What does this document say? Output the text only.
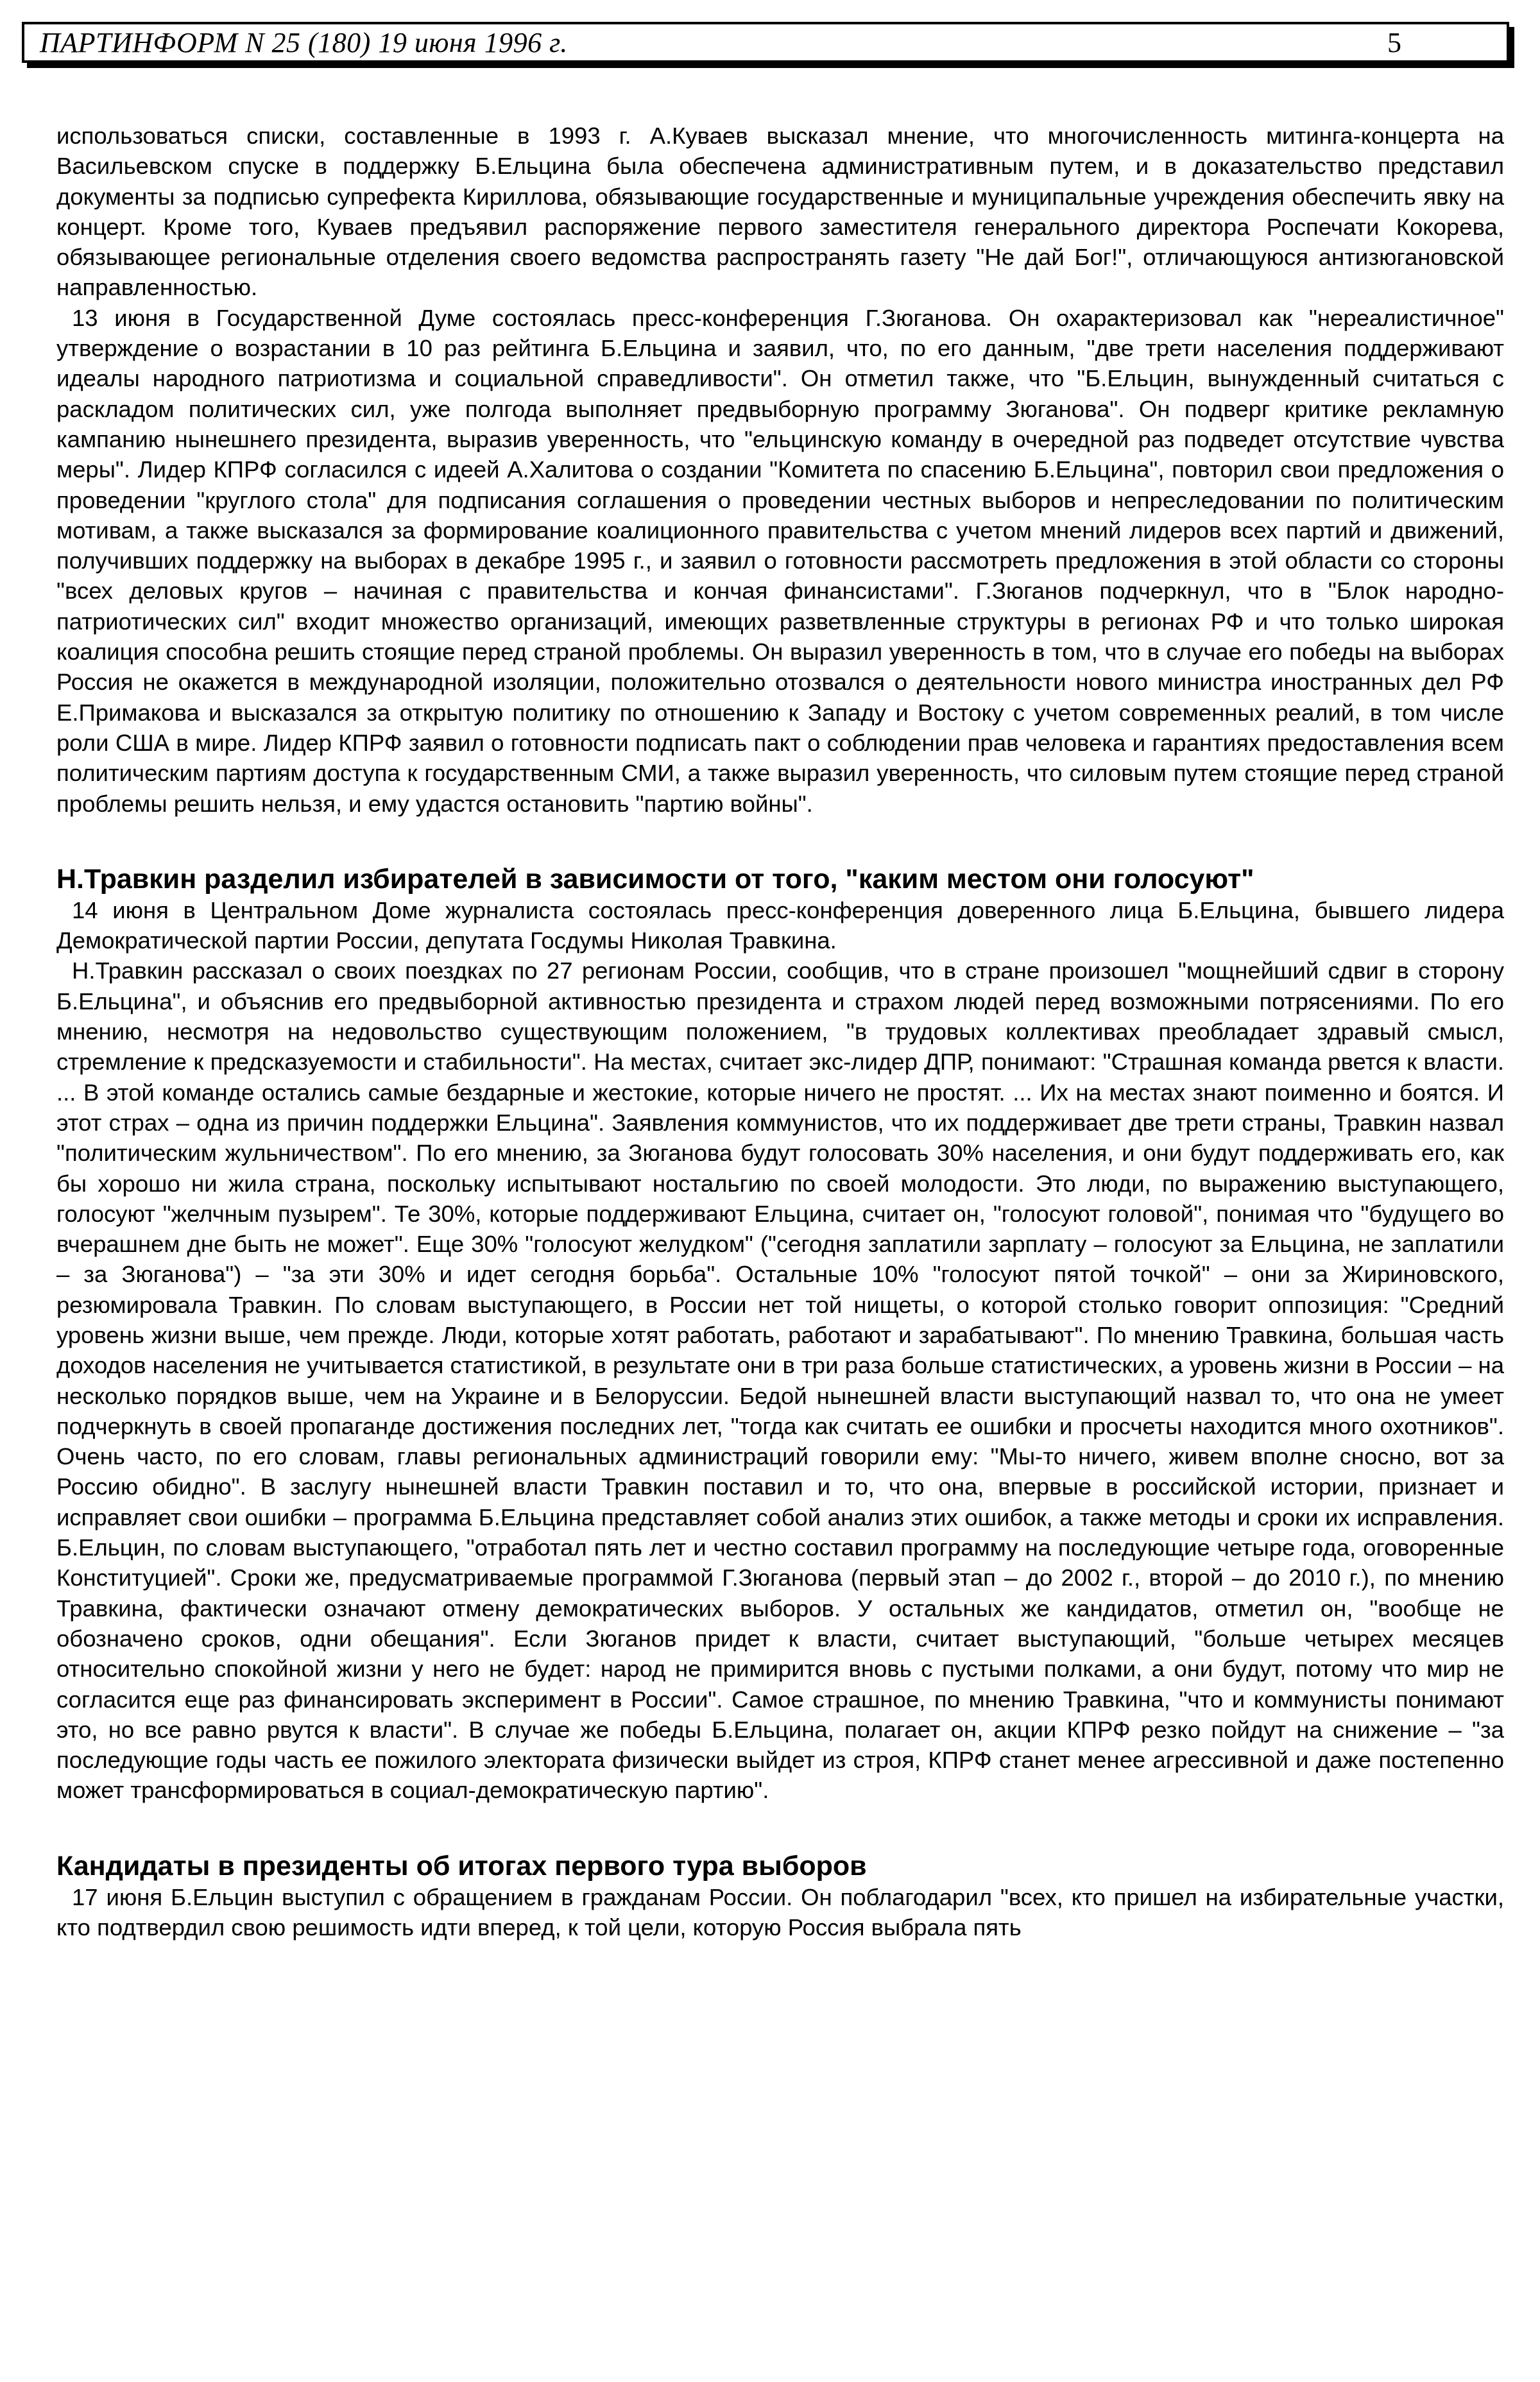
ПАРТИНФОРМ N 25 (180) 19 июня 1996 г.	5

использоваться списки, составленные в 1993 г. А.Куваев высказал мнение, что многочисленность митинга-концерта на Васильевском спуске в поддержку Б.Ельцина была обеспечена административным путем, и в доказательство представил документы за подписью супрефекта Кириллова, обязывающие государственные и муниципальные учреждения обеспечить явку на концерт. Кроме того, Куваев предъявил распоряжение первого заместителя генерального директора Роспечати Кокорева, обязывающее региональные отделения своего ведомства распространять газету "Не дай Бог!", отличающуюся антизюгановской направленностью.

13 июня в Государственной Думе состоялась пресс-конференция Г.Зюганова. Он охарактеризовал как "нереалистичное" утверждение о возрастании в 10 раз рейтинга Б.Ельцина и заявил, что, по его данным, "две трети населения поддерживают идеалы народного патриотизма и социальной справедливости". Он отметил также, что "Б.Ельцин, вынужденный считаться с раскладом политических сил, уже полгода выполняет предвыборную программу Зюганова". Он подверг критике рекламную кампанию нынешнего президента, выразив уверенность, что "ельцинскую команду в очередной раз подведет отсутствие чувства меры". Лидер КПРФ согласился с идеей А.Халитова о создании "Комитета по спасению Б.Ельцина", повторил свои предложения о проведении "круглого стола" для подписания соглашения о проведении честных выборов и непреследовании по политическим мотивам, а также высказался за формирование коалиционного правительства с учетом мнений лидеров всех партий и движений, получивших поддержку на выборах в декабре 1995 г., и заявил о готовности рассмотреть предложения в этой области со стороны "всех деловых кругов – начиная с правительства и кончая финансистами". Г.Зюганов подчеркнул, что в "Блок народно-патриотических сил" входит множество организаций, имеющих разветвленные структуры в регионах РФ и что только широкая коалиция способна решить стоящие перед страной проблемы. Он выразил уверенность в том, что в случае его победы на выборах Россия не окажется в международной изоляции, положительно отозвался о деятельности нового министра иностранных дел РФ Е.Примакова и высказался за открытую политику по отношению к Западу и Востоку с учетом современных реалий, в том числе роли США в мире. Лидер КПРФ заявил о готовности подписать пакт о соблюдении прав человека и гарантиях предоставления всем политическим партиям доступа к государственным СМИ, а также выразил уверенность, что силовым путем стоящие перед страной проблемы решить нельзя, и ему удастся остановить "партию войны".

Н.Травкин разделил избирателей в зависимости от того, "каким местом они голосуют"

14 июня в Центральном Доме журналиста состоялась пресс-конференция доверенного лица Б.Ельцина, бывшего лидера Демократической партии России, депутата Госдумы Николая Травкина.

Н.Травкин рассказал о своих поездках по 27 регионам России, сообщив, что в стране произошел "мощнейший сдвиг в сторону Б.Ельцина", и объяснив его предвыборной активностью президента и страхом людей перед возможными потрясениями. По его мнению, несмотря на недовольство существующим положением, "в трудовых коллективах преобладает здравый смысл, стремление к предсказуемости и стабильности". На местах, считает экс-лидер ДПР, понимают: "Страшная команда рвется к власти. ... В этой команде остались самые бездарные и жестокие, которые ничего не простят. ... Их на местах знают поименно и боятся. И этот страх – одна из причин поддержки Ельцина". Заявления коммунистов, что их поддерживает две трети страны, Травкин назвал "политическим жульничеством". По его мнению, за Зюганова будут голосовать 30% населения, и они будут поддерживать его, как бы хорошо ни жила страна, поскольку испытывают ностальгию по своей молодости. Это люди, по выражению выступающего, голосуют "желчным пузырем". Те 30%, которые поддерживают Ельцина, считает он, "голосуют головой", понимая что "будущего во вчерашнем дне быть не может". Еще 30% "голосуют желудком" ("сегодня заплатили зарплату – голосуют за Ельцина, не заплатили – за Зюганова") – "за эти 30% и идет сегодня борьба". Остальные 10% "голосуют пятой точкой" – они за Жириновского, резюмировала Травкин. По словам выступающего, в России нет той нищеты, о которой столько говорит оппозиция: "Средний уровень жизни выше, чем прежде. Люди, которые хотят работать, работают и зарабатывают". По мнению Травкина, большая часть доходов населения не учитывается статистикой, в результате они в три раза больше статистических, а уровень жизни в России – на несколько порядков выше, чем на Украине и в Белоруссии. Бедой нынешней власти выступающий назвал то, что она не умеет подчеркнуть в своей пропаганде достижения последних лет, "тогда как считать ее ошибки и просчеты находится много охотников". Очень часто, по его словам, главы региональных администраций говорили ему: "Мы-то ничего, живем вполне сносно, вот за Россию обидно". В заслугу нынешней власти Травкин поставил и то, что она, впервые в российской истории, признает и исправляет свои ошибки – программа Б.Ельцина представляет собой анализ этих ошибок, а также методы и сроки их исправления. Б.Ельцин, по словам выступающего, "отработал пять лет и честно составил программу на последующие четыре года, оговоренные Конституцией". Сроки же, предусматриваемые программой Г.Зюганова (первый этап – до 2002 г., второй – до 2010 г.), по мнению Травкина, фактически означают отмену демократических выборов. У остальных же кандидатов, отметил он, "вообще не обозначено сроков, одни обещания". Если Зюганов придет к власти, считает выступающий, "больше четырех месяцев относительно спокойной жизни у него не будет: народ не примирится вновь с пустыми полками, а они будут, потому что мир не согласится еще раз финансировать эксперимент в России". Самое страшное, по мнению Травкина, "что и коммунисты понимают это, но все равно рвутся к власти". В случае же победы Б.Ельцина, полагает он, акции КПРФ резко пойдут на снижение – "за последующие годы часть ее пожилого электората физически выйдет из строя, КПРФ станет менее агрессивной и даже постепенно может трансформироваться в социал-демократическую партию".

Кандидаты в президенты об итогах первого тура выборов

17 июня Б.Ельцин выступил с обращением в гражданам России. Он поблагодарил "всех, кто пришел на избирательные участки, кто подтвердил свою решимость идти вперед, к той цели, которую Россия выбрала пять
